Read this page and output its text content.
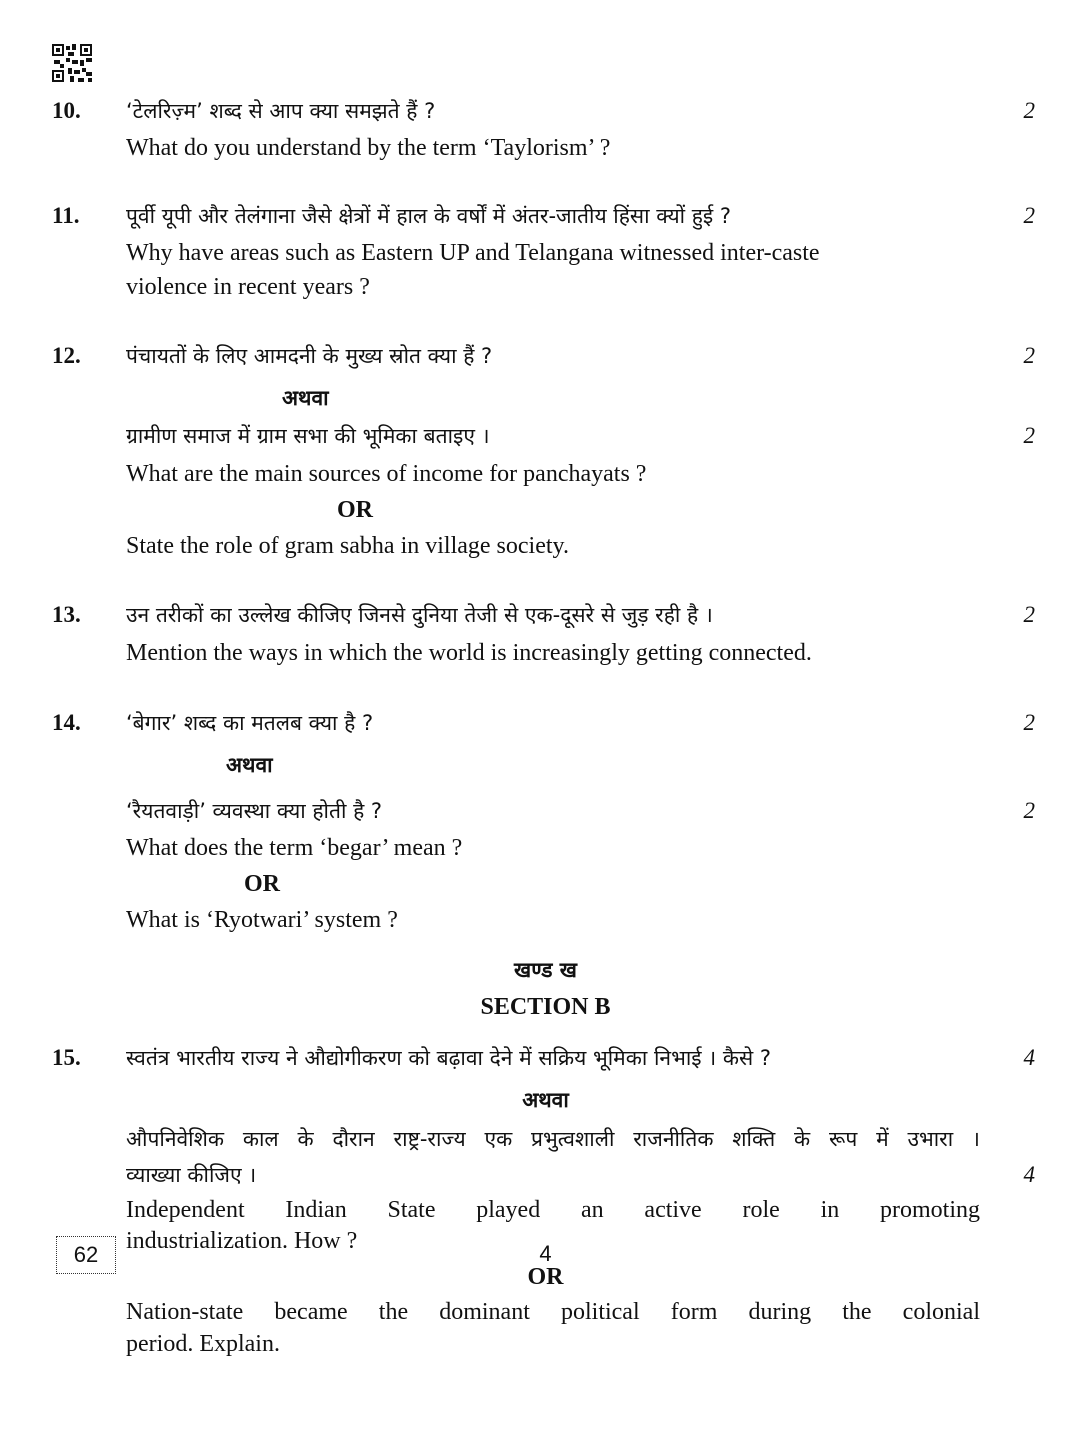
10. ‘टेलरिज़्म’ शब्द से आप क्या समझते हैं ?	2
What do you understand by the term ‘Taylorism’ ?
11. पूर्वी यूपी और तेलंगाना जैसे क्षेत्रों में हाल के वर्षों में अंतर-जातीय हिंसा क्यों हुई ?	2
Why have areas such as Eastern UP and Telangana witnessed inter-caste
violence in recent years ?
12. पंचायतों के लिए आमदनी के मुख्य स्रोत क्या हैं ?	2
अथवा
ग्रामीण समाज में ग्राम सभा की भूमिका बताइए ।	2
What are the main sources of income for panchayats ?
OR
State the role of gram sabha in village society.
13. उन तरीकों का उल्लेख कीजिए जिनसे दुनिया तेजी से एक-दूसरे से जुड़ रही है ।	2
Mention the ways in which the world is increasingly getting connected.
14. ‘बेगार’ शब्द का मतलब क्या है ?	2
अथवा
‘रैयतवाड़ी’ व्यवस्था क्या होती है ?	2
What does the term ‘begar’ mean ?
OR
What is ‘Ryotwari’ system ?
खण्ड ख
SECTION B
15. स्वतंत्र भारतीय राज्य ने औद्योगीकरण को बढ़ावा देने में सक्रिय भूमिका निभाई । कैसे ?	4
अथवा
औपनिवेशिक काल के दौरान राष्ट्र-राज्य एक प्रभुत्वशाली राजनीतिक शक्ति के रूप में उभारा ।
व्याख्या कीजिए ।	4
Independent Indian State played an active role in promoting
industrialization. How ?
OR
Nation-state became the dominant political form during the colonial
period. Explain.
62	4
